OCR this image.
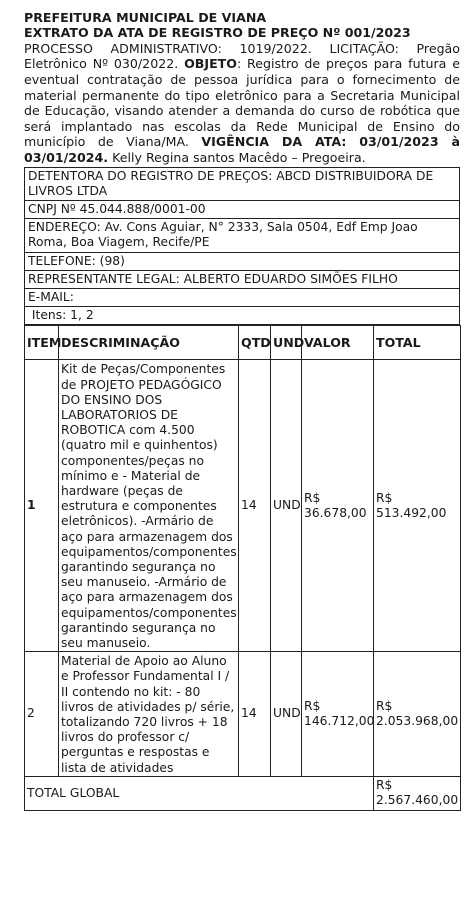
PREFEITURA MUNICIPAL DE VIANA
EXTRATO DA ATA DE REGISTRO DE PREÇO Nº 001/2023

PROCESSO ADMINISTRATIVO: 1019/2022. LICITAÇÃO: Pregão Eletrônico Nº 030/2022. OBJETO: Registro de preços para futura e eventual contratação de pessoa jurídica para o fornecimento de material permanente do tipo eletrônico para a Secretaria Municipal de Educação, visando atender a demanda do curso de robótica que será implantado nas escolas da Rede Municipal de Ensino do município de Viana/MA. VIGÊNCIA DA ATA: 03/01/2023 à 03/01/2024. Kelly Regina santos Macêdo – Pregoeira.

DETENTORA DO REGISTRO DE PREÇOS: ABCD DISTRIBUIDORA DE LIVROS LTDA
CNPJ Nº 45.044.888/0001-00
ENDEREÇO: Av. Cons Aguiar, N° 2333, Sala 0504, Edf Emp Joao Roma, Boa Viagem, Recife/PE
TELEFONE: (98)
REPRESENTANTE LEGAL: ALBERTO EDUARDO SIMÕES FILHO
E-MAIL:
Itens: 1, 2
ITEM	DESCRIMINAÇÃO	QTD	UND	VALOR	TOTAL
1	Kit de Peças/Componentes de PROJETO PEDAGÓGICO DO ENSINO DOS LABORATORIOS DE ROBOTICA com 4.500 (quatro mil e quinhentos) componentes/peças no mínimo e - Material de hardware (peças de estrutura e componentes eletrônicos). -Armário de aço para armazenagem dos equipamentos/componentes garantindo segurança no seu manuseio. -Armário de aço para armazenagem dos equipamentos/componentes garantindo segurança no seu manuseio.	14	UND	R$ 36.678,00	R$ 513.492,00
2	Material de Apoio ao Aluno e Professor Fundamental I / II contendo no kit: - 80 livros de atividades p/ série, totalizando 720 livros + 18 livros do professor c/ perguntas e respostas e lista de atividades	14	UND	R$ 146.712,00	R$ 2.053.968,00
TOTAL GLOBAL					R$ 2.567.460,00
